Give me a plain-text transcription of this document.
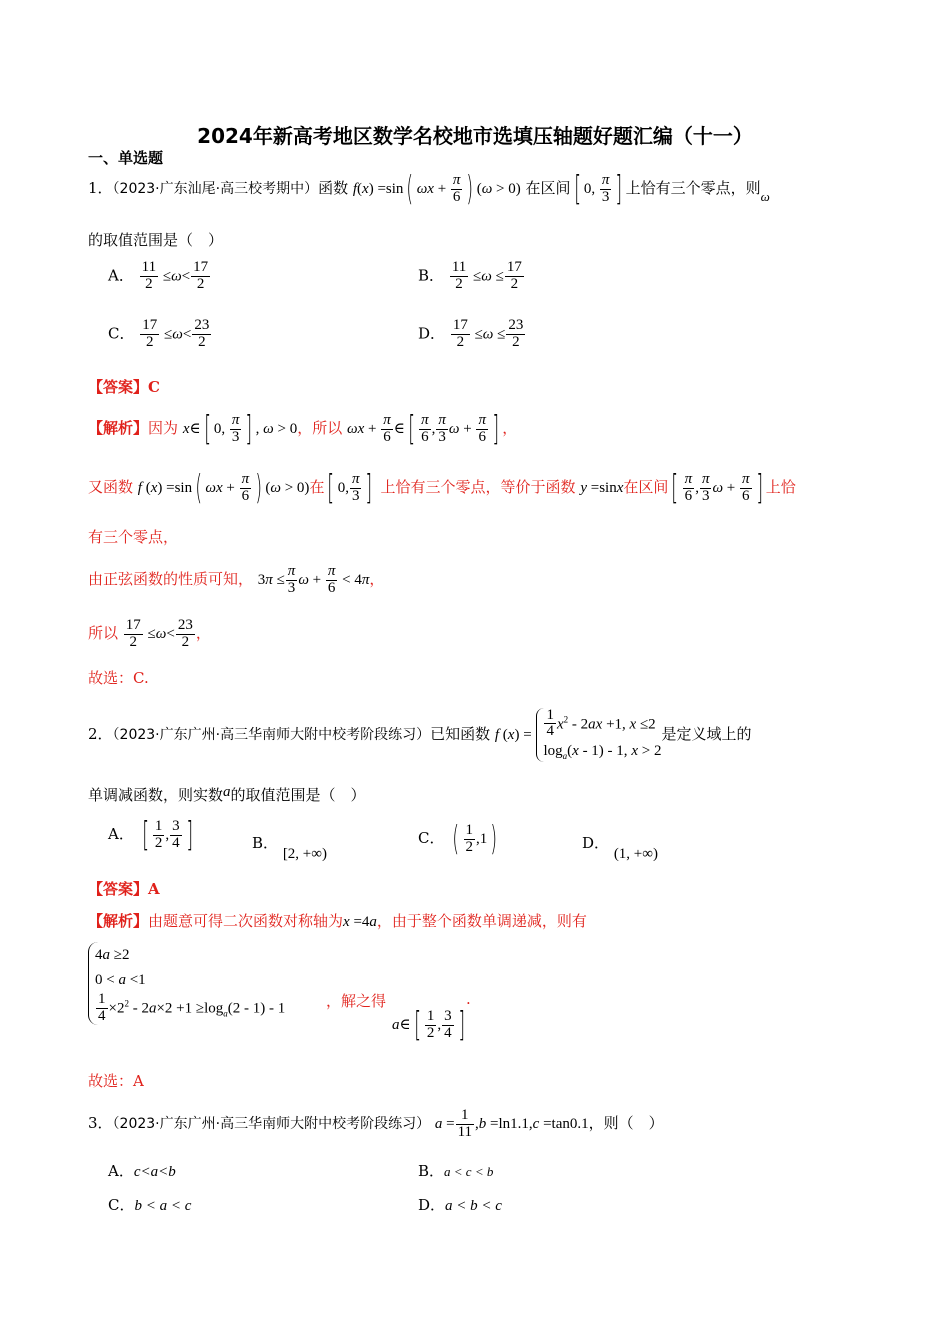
2024年新高考地区数学名校地市选填压轴题好题汇编（十一）
一、单选题
1．（2023·广东汕尾·高三校考期中）函数 f(x) =sin( $\omega x + \frac{\pi}{6}$ ) (ω > 0) 在区间[ 0, $\frac{\pi}{3}$ ] 上恰有三个零点，则ω
的取值范围是（　）
A． $\frac{11}{2} \le\omega< \frac{17}{2}$	B． $\frac{11}{2} \le\omega \le \frac{17}{2}$
C． $\frac{17}{2} \le\omega< \frac{23}{2}$	D． $\frac{17}{2} \le\omega \le \frac{23}{2}$
【答案】C
【解析】因为 x∈[ 0, $\frac{\pi}{3}$ ] , ω > 0，所以 $\omega x + \frac{\pi}{6}$ ∈[ $\frac{\pi}{6}$ , $\frac{\pi}{3}$ $\omega + \frac{\pi}{6}$ ] ，
又函数 f (x) =sin( $\omega x + \frac{\pi}{6}$ ) (ω > 0)在[ 0, $\frac{\pi}{3}$ ] 上恰有三个零点，等价于函数 y =sinx在区间[ $\frac{\pi}{6}$ , $\frac{\pi}{3}$ $\omega + \frac{\pi}{6}$ ] 上恰
有三个零点，
由正弦函数的性质可知， $3\pi \le \frac{\pi}{3}$ $\omega + \frac{\pi}{6} < 4\pi$，
所以 $\frac{17}{2} \le\omega< \frac{23}{2}$ ，
故选：C.
2．（2023·广东广州·高三华南师大附中校考阶段练习）已知函数 f $(x) = \frac{1}{4} x^2 - 2ax +1$, x ≤2
$\log_a(x - 1) - 1$, x > 2
是定义域上的
单调减函数，则实数a的取值范围是（　）
A． [ $\frac{1}{2}$ , $\frac{3}{4}$ ]	B． [2, +∞)
C． ( $\frac{1}{2} ,1$)	D． (1, +∞)
【答案】A
【解析】由题意可得二次函数对称轴为x =4a，由于整个函数单调递减，则有
4a ≥2
0 < a <1
$\frac{1}{4} \times 2^2 - 2a\times 2 +1 \ge\log_a(2 - 1) - 1$	，解之得
a∈[ $\frac{1}{2}$ , $\frac{3}{4}$ ]
.
故选：A
3．（2023·广东广州·高三华南师大附中校考阶段练习） $a = \frac{1}{11} ,b =\ln 1.1,c =\tan 0.1$，则（　）
A．c<a<b	B．a < c < b
C．b < a < c	D．a < b < c
